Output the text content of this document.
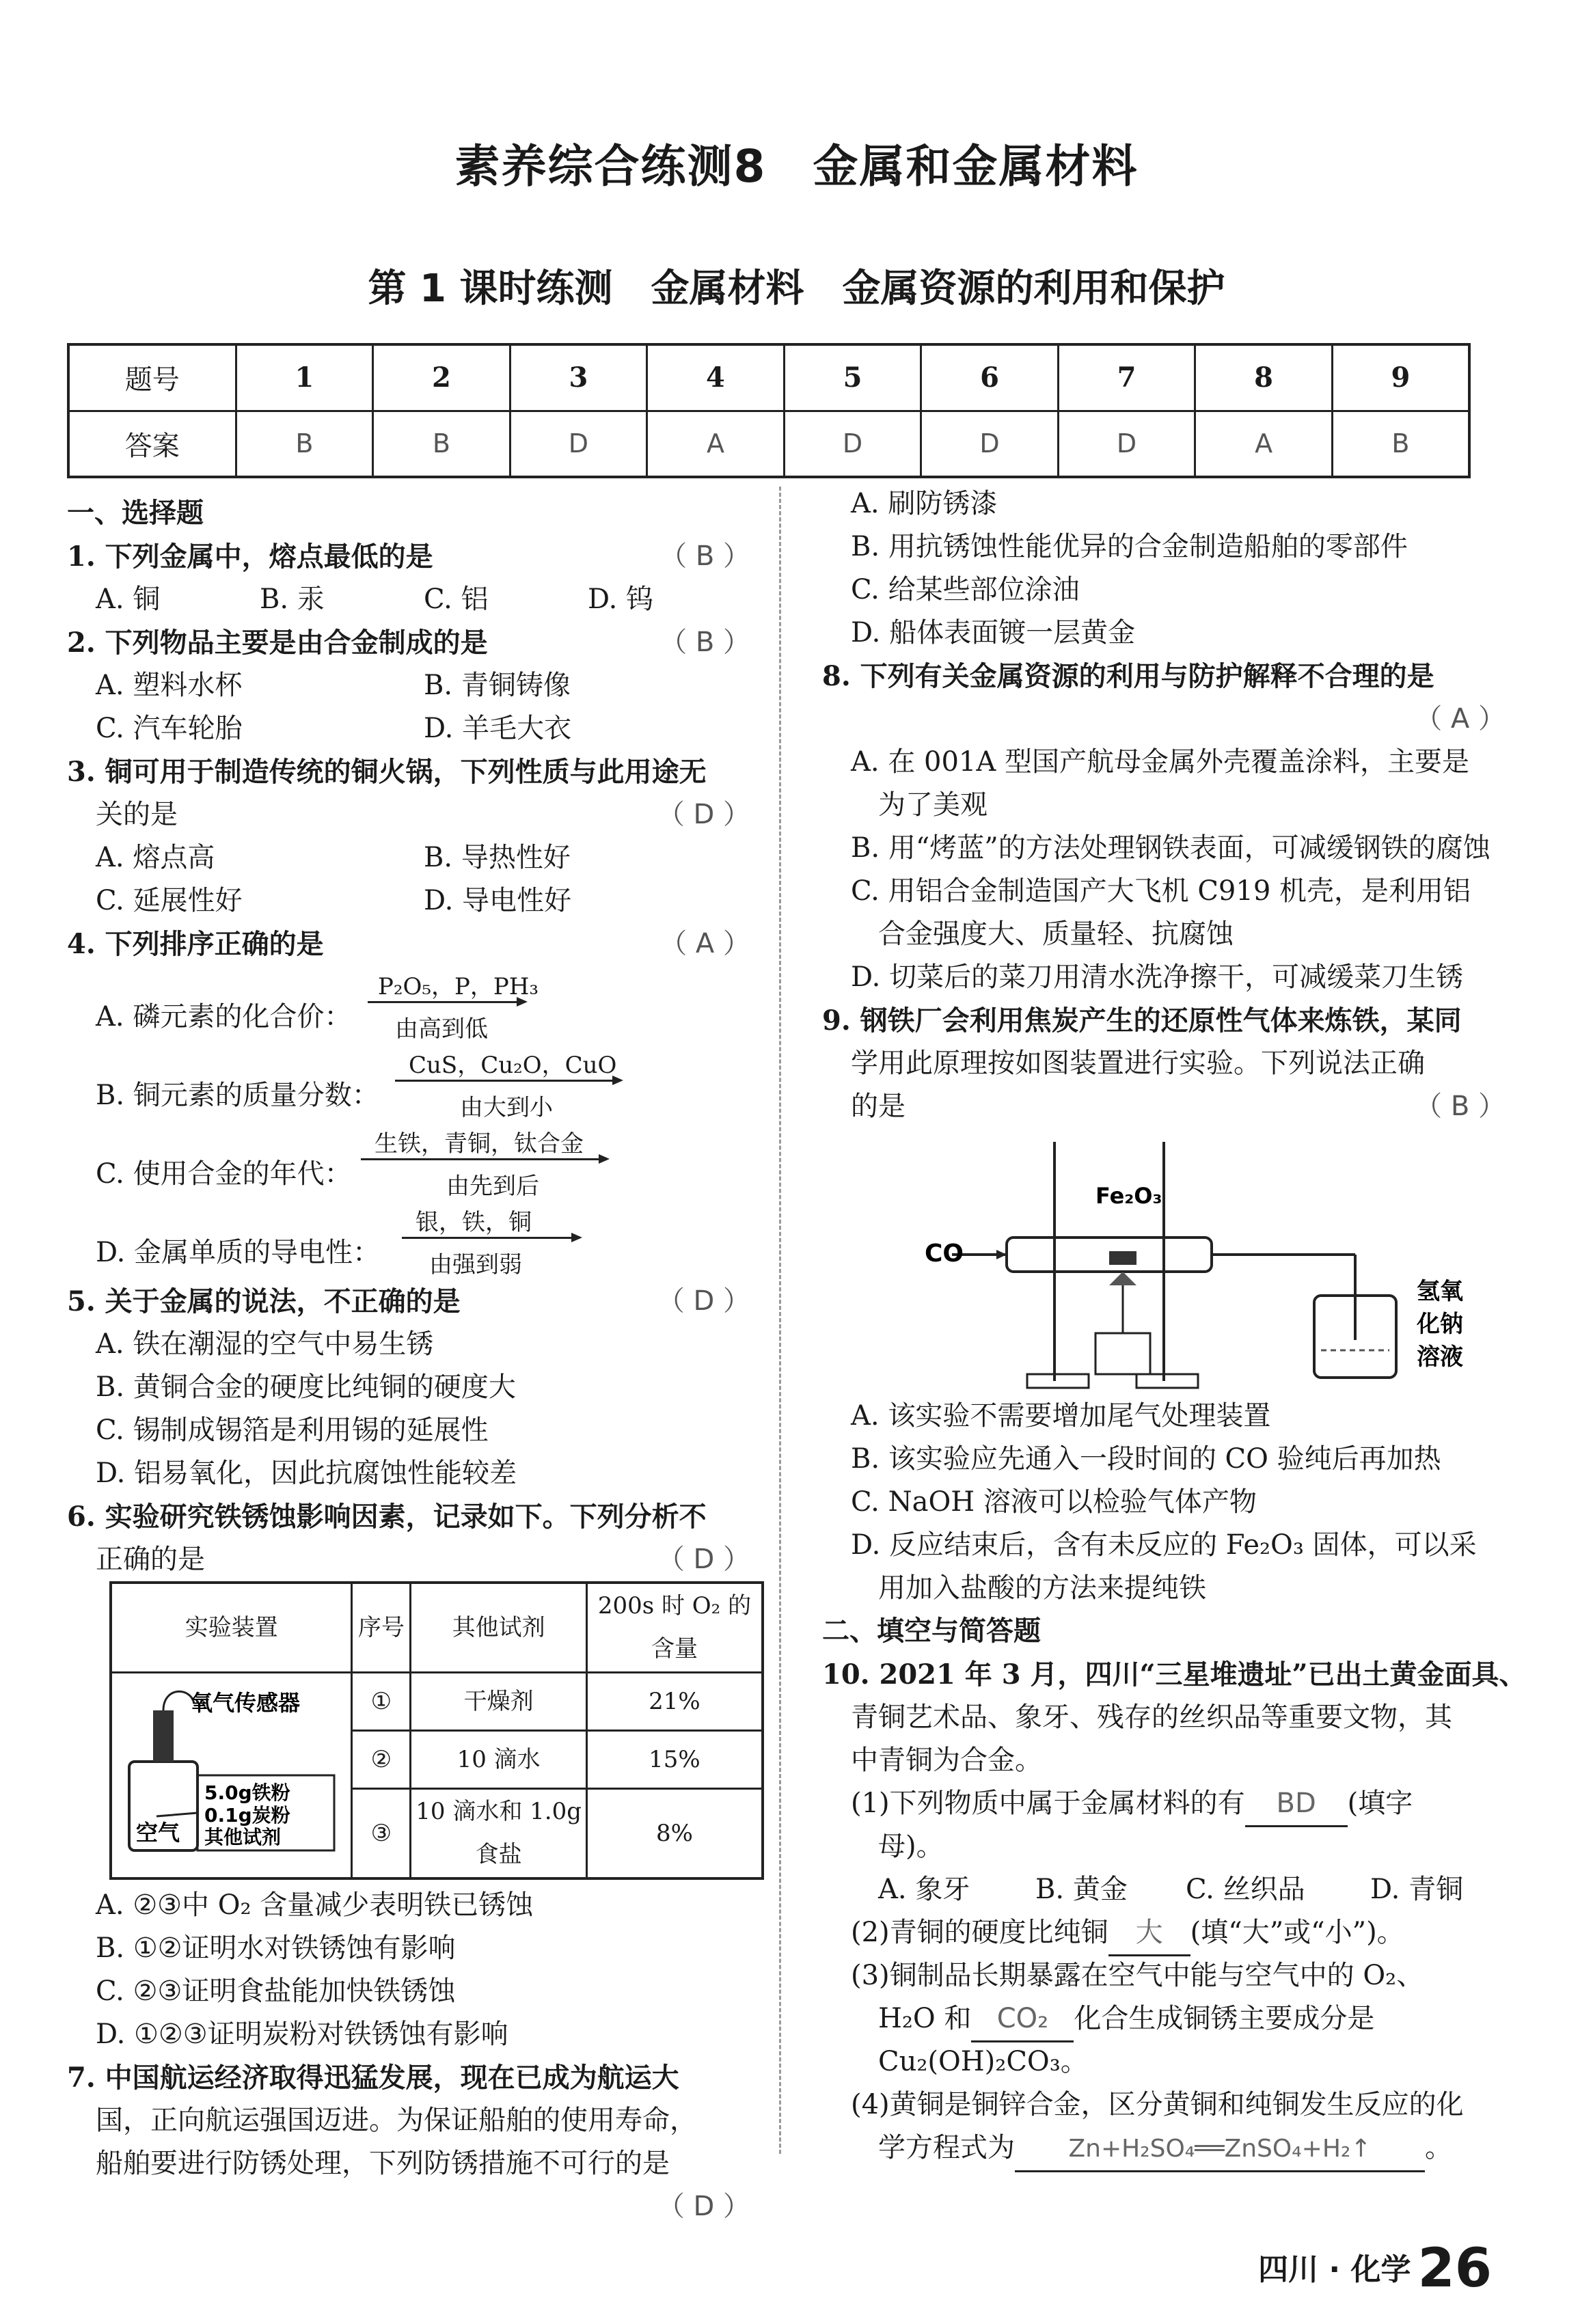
素养综合练测8　金属和金属材料
第 1 课时练测　金属材料　金属资源的利用和保护
题号	1	2	3	4	5	6	7	8	9
答案	B	B	D	A	D	D	D	A	B
一、选择题
1. 下列金属中，熔点最低的是	（ B ）
A. 铜	B. 汞	C. 铝	D. 钨
2. 下列物品主要是由合金制成的是	（ B ）
A. 塑料水杯	B. 青铜铸像
C. 汽车轮胎	D. 羊毛大衣
3. 铜可用于制造传统的铜火锅，下列性质与此用途无
关的是	（ D ）
A. 熔点高	B. 导热性好
C. 延展性好	D. 导电性好
4. 下列排序正确的是	（ A ）
A. 磷元素的化合价：
P₂O₅，P，PH₃
由高到低
B. 铜元素的质量分数：
CuS，Cu₂O，CuO
由大到小
C. 使用合金的年代：
生铁，青铜，钛合金
由先到后
D. 金属单质的导电性：
银，铁，铜
由强到弱
5. 关于金属的说法，不正确的是	（ D ）
A. 铁在潮湿的空气中易生锈
B. 黄铜合金的硬度比纯铜的硬度大
C. 锡制成锡箔是利用锡的延展性
D. 铝易氧化，因此抗腐蚀性能较差
6. 实验研究铁锈蚀影响因素，记录如下。下列分析不
正确的是	（ D ）
实验装置	序号	其他试剂	200s 时 O₂ 的含量

氧气传感器
5.0g铁粉
0.1g炭粉
其他试剂
空气	①	干燥剂	21%
	②	10 滴水	15%
	③	10 滴水和 1.0g 食盐	8%
A. ②③中 O₂ 含量减少表明铁已锈蚀
B. ①②证明水对铁锈蚀有影响
C. ②③证明食盐能加快铁锈蚀
D. ①②③证明炭粉对铁锈蚀有影响
7. 中国航运经济取得迅猛发展，现在已成为航运大
国，正向航运强国迈进。为保证船舶的使用寿命，
船舶要进行防锈处理，下列防锈措施不可行的是
（ D ）
A. 刷防锈漆
B. 用抗锈蚀性能优异的合金制造船舶的零部件
C. 给某些部位涂油
D. 船体表面镀一层黄金
8. 下列有关金属资源的利用与防护解释不合理的是
（ A ）
A. 在 001A 型国产航母金属外壳覆盖涂料，主要是
为了美观
B. 用“烤蓝”的方法处理钢铁表面，可减缓钢铁的腐蚀
C. 用铝合金制造国产大飞机 C919 机壳，是利用铝
合金强度大、质量轻、抗腐蚀
D. 切菜后的菜刀用清水洗净擦干，可减缓菜刀生锈
9. 钢铁厂会利用焦炭产生的还原性气体来炼铁，某同
学用此原理按如图装置进行实验。下列说法正确
的是	（ B ）
CO
Fe₂O₃
氢氧
化钠
溶液
A. 该实验不需要增加尾气处理装置
B. 该实验应先通入一段时间的 CO 验纯后再加热
C. NaOH 溶液可以检验气体产物
D. 反应结束后，含有未反应的 Fe₂O₃ 固体，可以采
用加入盐酸的方法来提纯铁
二、填空与简答题
10. 2021 年 3 月，四川“三星堆遗址”已出土黄金面具、
青铜艺术品、象牙、残存的丝织品等重要文物，其
中青铜为合金。
(1)下列物质中属于金属材料的有 BD (填字
母)。
A. 象牙 B. 黄金 C. 丝织品 D. 青铜
(2)青铜的硬度比纯铜 大 (填“大”或“小”)。
(3)铜制品长期暴露在空气中能与空气中的 O₂、
H₂O 和 CO₂ 化合生成铜锈主要成分是
Cu₂(OH)₂CO₃。
(4)黄铜是铜锌合金，区分黄铜和纯铜发生反应的化
学方程式为 Zn+H₂SO₄══ZnSO₄+H₂↑ 。
四川 · 化学 26
